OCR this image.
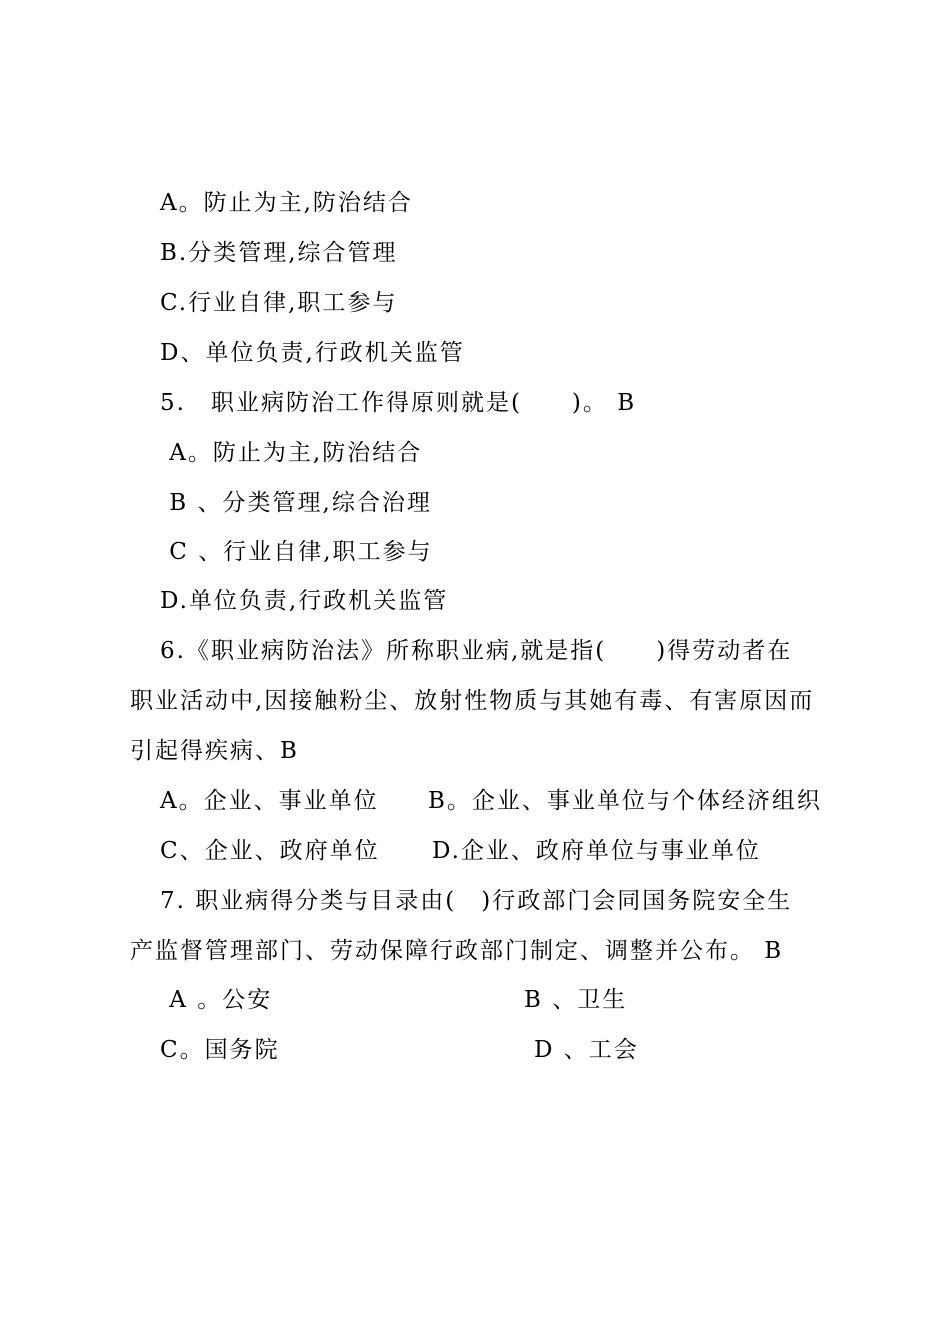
A。防止为主,防治结合
B.分类管理,综合管理
C.行业自律,职工参与
D、单位负责,行政机关监管
5.　职业病防治工作得原则就是(　　)。 B
A。防止为主,防治结合
B 、分类管理,综合治理
C 、行业自律,职工参与
D.单位负责,行政机关监管
6.《职业病防治法》所称职业病,就是指(　　)得劳动者在
职业活动中,因接触粉尘、放射性物质与其她有毒、有害原因而
引起得疾病、B
A。企业、事业单位 B。企业、事业单位与个体经济组织
C、企业、政府单位 D.企业、政府单位与事业单位
7. 职业病得分类与目录由(　)行政部门会同国务院安全生
产监督管理部门、劳动保障行政部门制定、调整并公布。 B
A 。公安	B 、卫生
C。国务院	D 、工会
